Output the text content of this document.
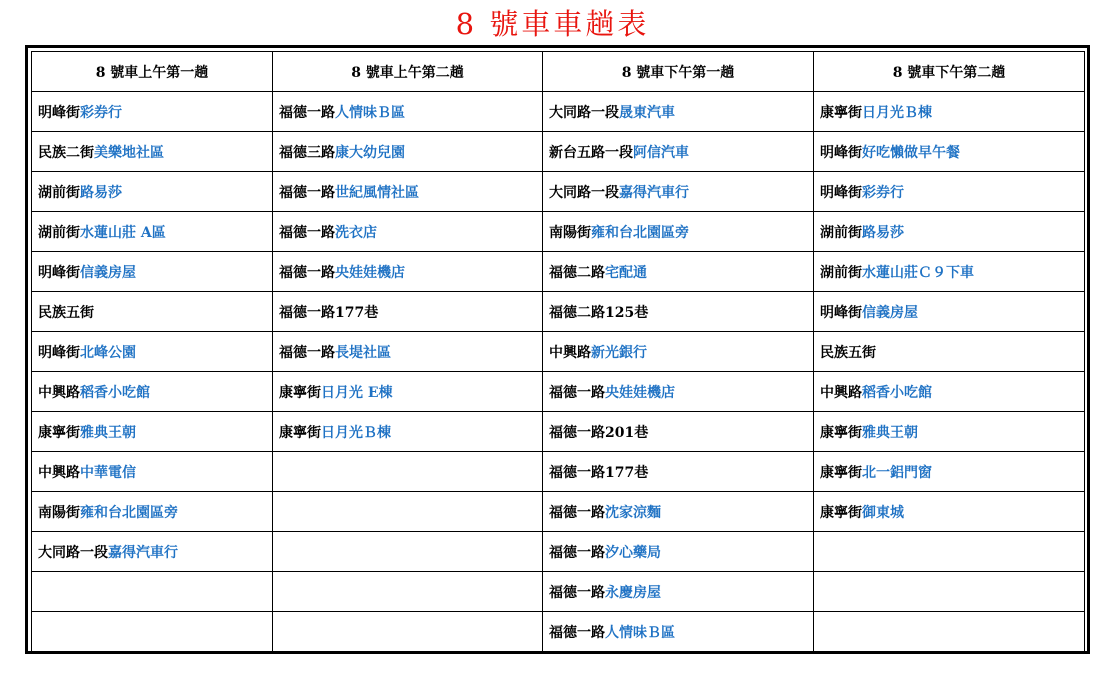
8 號車車趟表
8 號車上午第一趟	8 號車上午第二趟	8 號車下午第一趟	8 號車下午第二趟
明峰街彩券行	福德一路人情味Ｂ區	大同路一段晟東汽車	康寧街日月光Ｂ棟
民族二街美樂地社區	福德三路康大幼兒園	新台五路一段阿信汽車	明峰街好吃懶做早午餐
湖前街路易莎	福德一路世紀風情社區	大同路一段嘉得汽車行	明峰街彩券行
湖前街水蓮山莊 A區	福德一路洗衣店	南陽街雍和台北園區旁	湖前街路易莎
明峰街信義房屋	福德一路央娃娃機店	福德二路宅配通	湖前街水蓮山莊Ｃ９下車
民族五街	福德一路177巷	福德二路125巷	明峰街信義房屋
明峰街北峰公園	福德一路長堤社區	中興路新光銀行	民族五街
中興路稻香小吃館	康寧街日月光 E棟	福德一路央娃娃機店	中興路稻香小吃館
康寧街雅典王朝	康寧街日月光Ｂ棟	福德一路201巷	康寧街雅典王朝
中興路中華電信		福德一路177巷	康寧街北一鋁門窗
南陽街雍和台北園區旁		福德一路沈家涼麵	康寧街御東城
大同路一段嘉得汽車行		福德一路汐心藥局	
		福德一路永慶房屋	
		福德一路人情味Ｂ區	
